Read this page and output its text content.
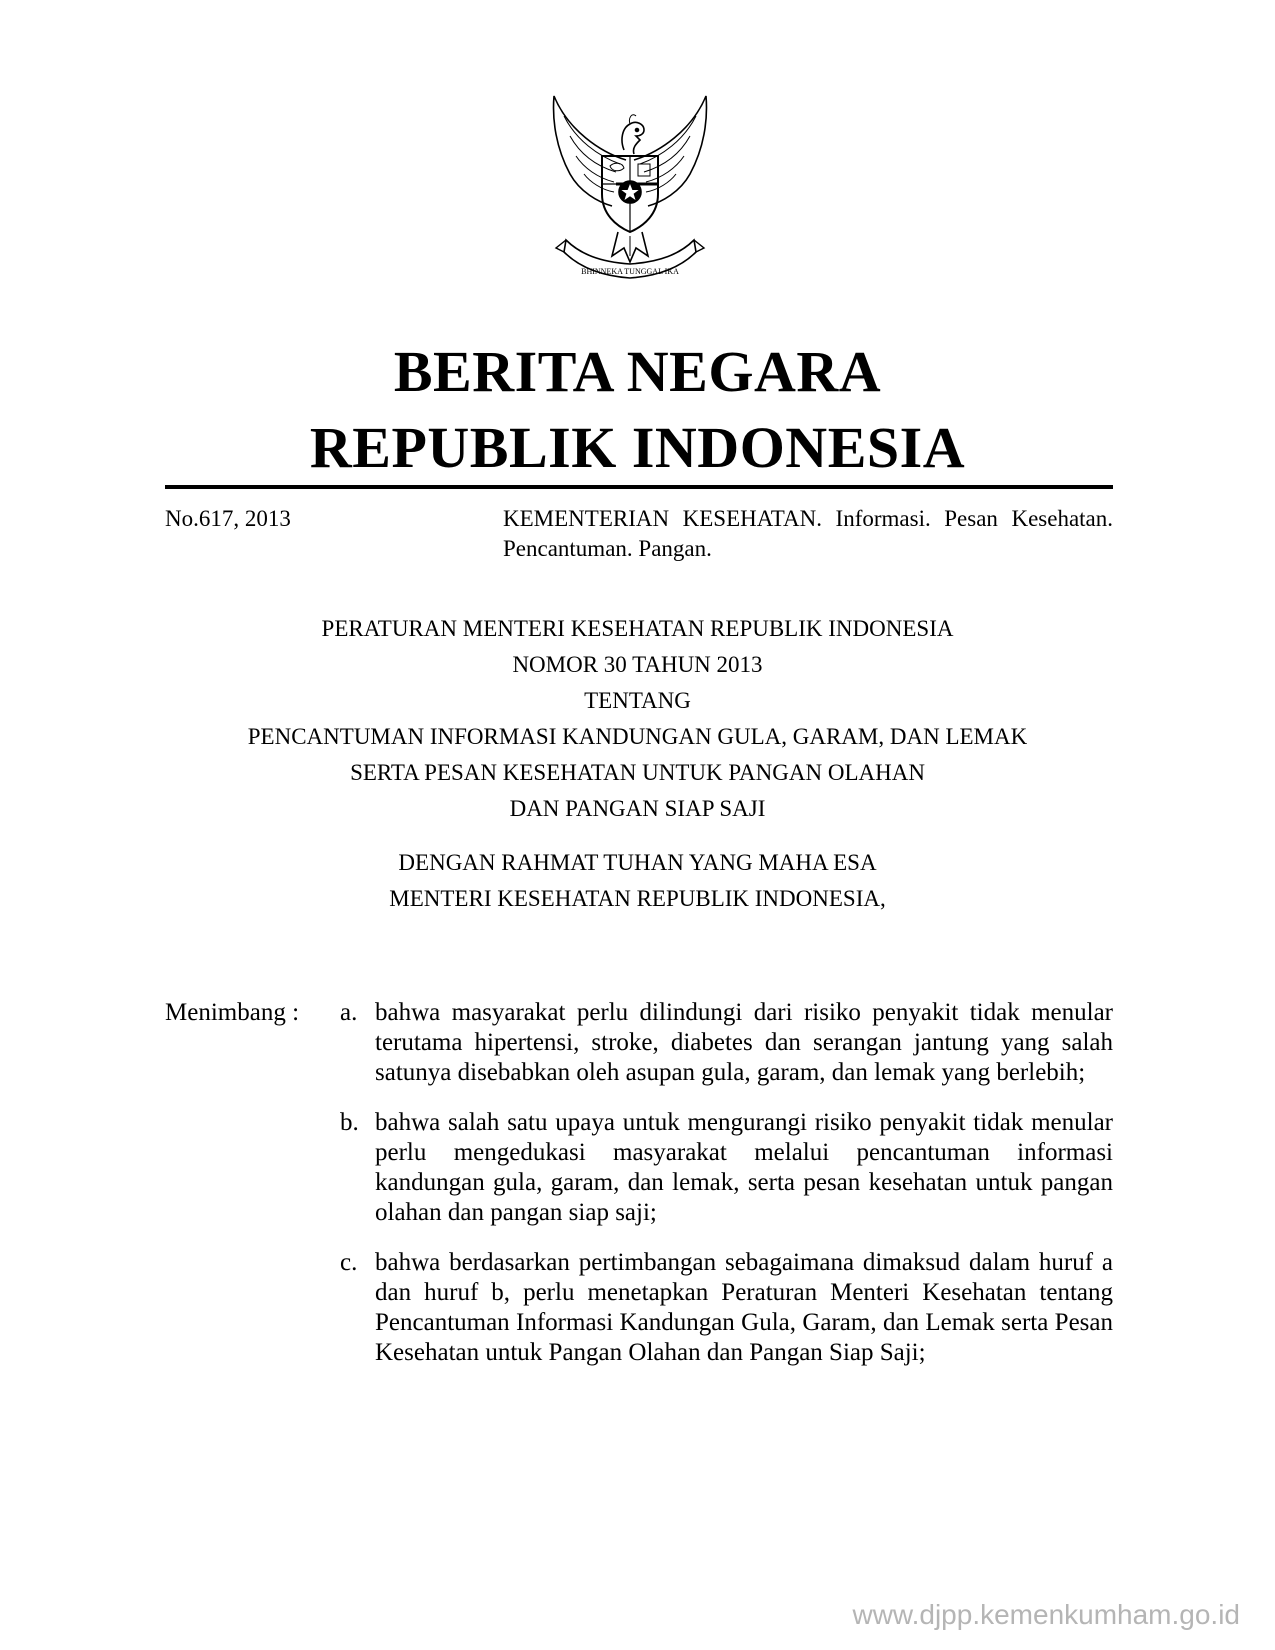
BHINNEKA TUNGGAL IKA
BERITA NEGARA
REPUBLIK INDONESIA
No.617, 2013	KEMENTERIAN KESEHATAN. Informasi. Pesan Kesehatan. Pencantuman. Pangan.
PERATURAN MENTERI KESEHATAN REPUBLIK INDONESIA
NOMOR 30 TAHUN 2013
TENTANG
PENCANTUMAN INFORMASI KANDUNGAN GULA, GARAM, DAN LEMAK
SERTA PESAN KESEHATAN UNTUK PANGAN OLAHAN
DAN PANGAN SIAP SAJI
DENGAN RAHMAT TUHAN YANG MAHA ESA
MENTERI KESEHATAN REPUBLIK INDONESIA,
Menimbang :	a. bahwa masyarakat perlu dilindungi dari risiko penyakit tidak menular terutama hipertensi, stroke, diabetes dan serangan jantung yang salah satunya disebabkan oleh asupan gula, garam, dan lemak yang berlebih;
b. bahwa salah satu upaya untuk mengurangi risiko penyakit tidak menular perlu mengedukasi masyarakat melalui pencantuman informasi kandungan gula, garam, dan lemak, serta pesan kesehatan untuk pangan olahan dan pangan siap saji;
c. bahwa berdasarkan pertimbangan sebagaimana dimaksud dalam huruf a dan huruf b, perlu menetapkan Peraturan Menteri Kesehatan tentang Pencantuman Informasi Kandungan Gula, Garam, dan Lemak serta Pesan Kesehatan untuk Pangan Olahan dan Pangan Siap Saji;
www.djpp.kemenkumham.go.id
